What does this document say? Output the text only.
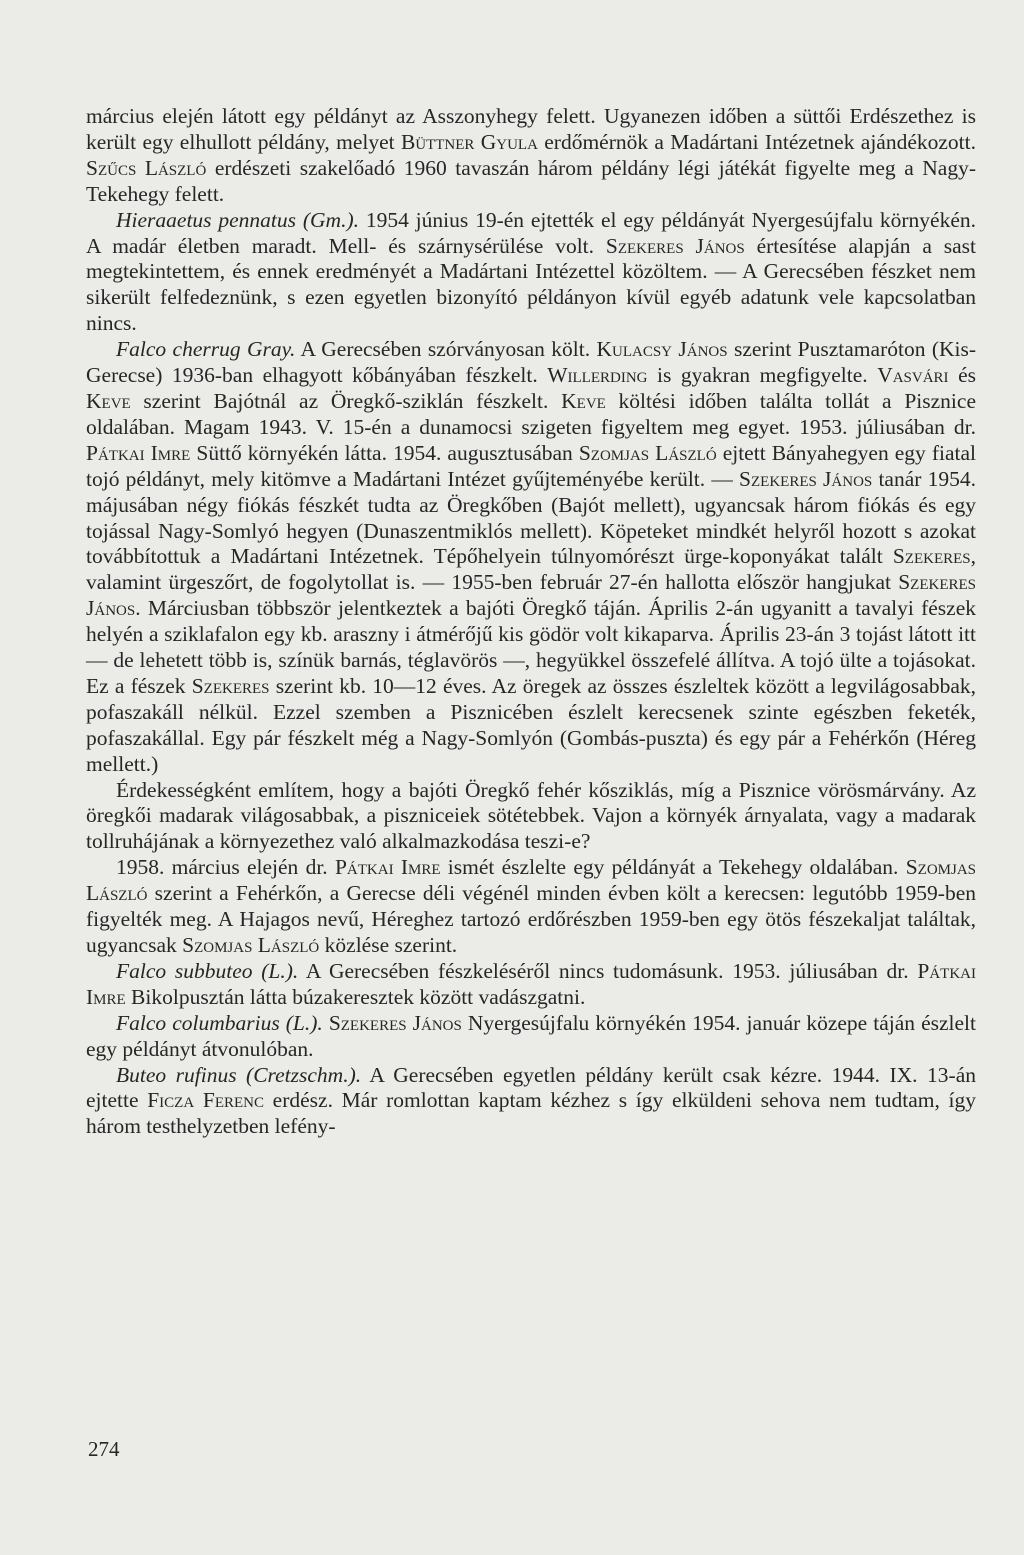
március elején látott egy példányt az Asszonyhegy felett. Ugyanezen időben a süttői Erdészethez is került egy elhullott példány, melyet Büttner Gyula erdőmérnök a Madártani Intézetnek ajándékozott. Szűcs László erdészeti szakelőadó 1960 tavaszán három példány légi játékát figyelte meg a Nagy-Tekehegy felett.

Hieraaetus pennatus (Gm.). 1954 június 19-én ejtették el egy példányát Nyergesújfalu környékén. A madár életben maradt. Mell- és szárnysérülése volt. Szekeres János értesítése alapján a sast megtekintettem, és ennek eredményét a Madártani Intézettel közöltem. — A Gerecsében fészket nem sikerült felfedeznünk, s ezen egyetlen bizonyító példányon kívül egyéb adatunk vele kapcsolatban nincs.

Falco cherrug Gray. A Gerecsében szórványosan költ. Kulacsy János szerint Pusztamaróton (Kis-Gerecse) 1936-ban elhagyott kőbányában fészkelt. Willerding is gyakran megfigyelte. Vasvári és Keve szerint Bajótnál az Öregkő-sziklán fészkelt. Keve költési időben találta tollát a Pisznice oldalában. Magam 1943. V. 15-én a dunamocsi szigeten figyeltem meg egyet. 1953. júliusában dr. Pátkai Imre Süttő környékén látta. 1954. augusztusában Szomjas László ejtett Bányahegyen egy fiatal tojó példányt, mely kitömve a Madártani Intézet gyűjteményébe került. — Szekeres János tanár 1954. májusában négy fiókás fészkét tudta az Öregkőben (Bajót mellett), ugyancsak három fiókás és egy tojással Nagy-Somlyó hegyen (Dunaszentmiklós mellett). Köpeteket mindkét helyről hozott s azokat továbbítottuk a Madártani Intézetnek. Tépőhelyein túlnyomórészt ürge-koponyákat talált Szekeres, valamint ürgeszőrt, de fogolytollat is. — 1955-ben február 27-én hallotta először hangjukat Szekeres János. Márciusban többször jelentkeztek a bajóti Öregkő táján. Április 2-án ugyanitt a tavalyi fészek helyén a sziklafalon egy kb. araszny i átmérőjű kis gödör volt kikaparva. Április 23-án 3 tojást látott itt — de lehetett több is, színük barnás, téglavörös —, hegyükkel összefelé állítva. A tojó ülte a tojásokat. Ez a fészek Szekeres szerint kb. 10—12 éves. Az öregek az összes észleltek között a legvilágosabbak, pofaszakáll nélkül. Ezzel szemben a Pisznicében észlelt kerecsenek szinte egészben feketék, pofaszakállal. Egy pár fészkelt még a Nagy-Somlyón (Gombás-puszta) és egy pár a Fehérkőn (Héreg mellett.)

Érdekességként említem, hogy a bajóti Öregkő fehér kősziklás, míg a Pisznice vörösmárvány. Az öregkői madarak világosabbak, a piszniceiek sötétebbek. Vajon a környék árnyalata, vagy a madarak tollruhájának a környezethez való alkalmazkodása teszi-e?

1958. március elején dr. Pátkai Imre ismét észlelte egy példányát a Tekehegy oldalában. Szomjas László szerint a Fehérkőn, a Gerecse déli végénél minden évben költ a kerecsen: legutóbb 1959-ben figyelték meg. A Hajagos nevű, Héreghez tartozó erdőrészben 1959-ben egy ötös fészekaljat találtak, ugyancsak Szomjas László közlése szerint.

Falco subbuteo (L.). A Gerecsében fészkeléséről nincs tudomásunk. 1953. júliusában dr. Pátkai Imre Bikolpusztán látta búzakeresztek között vadászgatni.

Falco columbarius (L.). Szekeres János Nyergesújfalu környékén 1954. január közepe táján észlelt egy példányt átvonulóban.

Buteo rufinus (Cretzschm.). A Gerecsében egyetlen példány került csak kézre. 1944. IX. 13-án ejtette Ficza Ferenc erdész. Már romlottan kaptam kézhez s így elküldeni sehova nem tudtam, így három testhelyzetben lefény-

274
